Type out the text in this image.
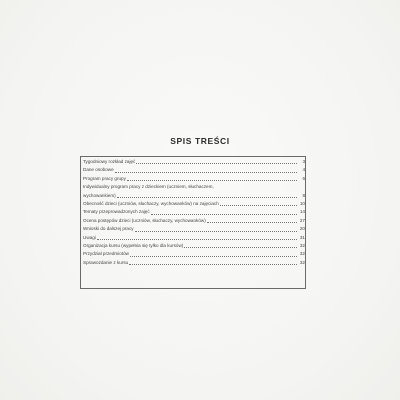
SPIS TREŚCI
Tygodniowy rozkład zajęć	3
Dane osobowe	4
Program pracy grupy	6
Indywidualny program pracy z dzieckiem (uczniem, słuchaczem,
wychowankiem)	8
Obecność dzieci (uczniów, słuchaczy, wychowanków) na zajęciach	10
Tematy przeprowadzonych zajęć	14
Ocena postępów dzieci (uczniów, słuchaczy, wychowanków)	27
Wnioski do dalszej pracy	20
Uwagi	31
Organizacja kursu (wypełnia się tylko dla kursów)	32
Przydział przedmiotów	32
Sprawozdanie z kursu	32
